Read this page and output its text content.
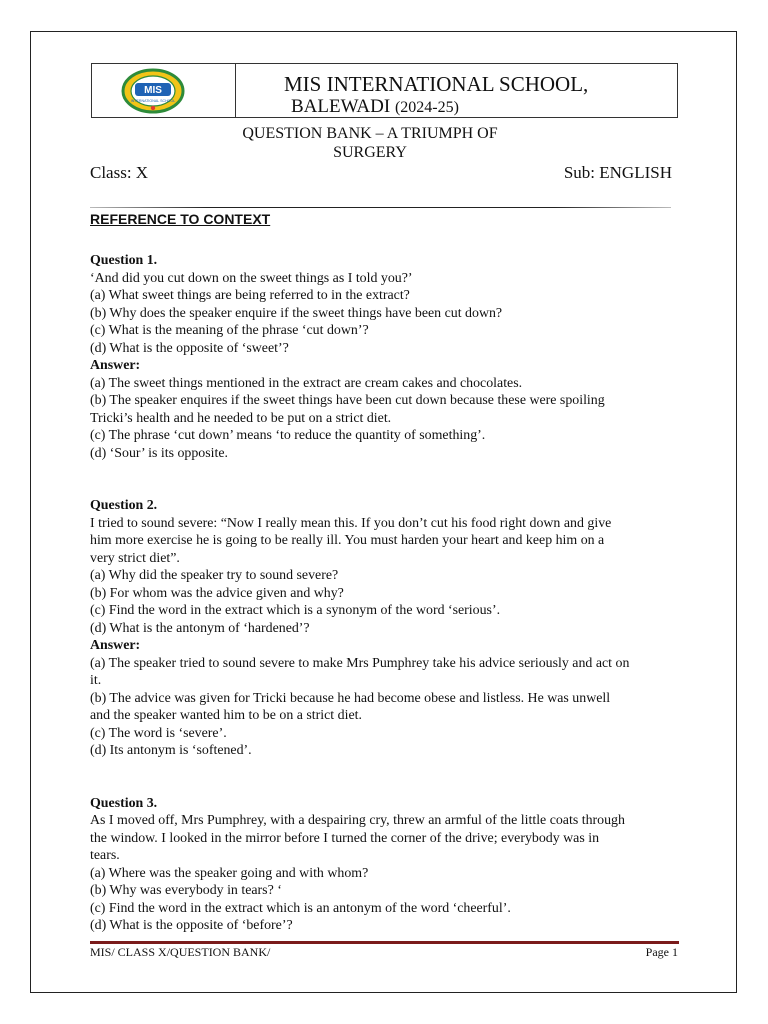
MIS
INTERNATIONAL SCHOOL
MIS INTERNATIONAL SCHOOL,
BALEWADI (2024-25)
QUESTION BANK – A TRIUMPH OF
SURGERY
Class: X	Sub: ENGLISH
REFERENCE TO CONTEXT

Question 1.

‘And did you cut down on the sweet things as I told you?’

(a) What sweet things are being referred to in the extract?

(b) Why does the speaker enquire if the sweet things have been cut down?

(c) What is the meaning of the phrase ‘cut down’?

(d) What is the opposite of ‘sweet’?

Answer:

(a) The sweet things mentioned in the extract are cream cakes and chocolates.

(b) The speaker enquires if the sweet things have been cut down because these were spoiling

Tricki’s health and he needed to be put on a strict diet.

(c) The phrase ‘cut down’ means ‘to reduce the quantity of something’.

(d) ‘Sour’ is its opposite.

Question 2.

I tried to sound severe: “Now I really mean this. If you don’t cut his food right down and give

him more exercise he is going to be really ill. You must harden your heart and keep him on a

very strict diet”.

(a) Why did the speaker try to sound severe?

(b) For whom was the advice given and why?

(c) Find the word in the extract which is a synonym of the word ‘serious’.

(d) What is the antonym of ‘hardened’?

Answer:

(a) The speaker tried to sound severe to make Mrs Pumphrey take his advice seriously and act on

it.

(b) The advice was given for Tricki because he had become obese and listless. He was unwell

and the speaker wanted him to be on a strict diet.

(c) The word is ‘severe’.

(d) Its antonym is ‘softened’.

Question 3.

As I moved off, Mrs Pumphrey, with a despairing cry, threw an armful of the little coats through

the window. I looked in the mirror before I turned the corner of the drive; everybody was in

tears.

(a) Where was the speaker going and with whom?

(b) Why was everybody in tears? ‘

(c) Find the word in the extract which is an antonym of the word ‘cheerful’.

(d) What is the opposite of ‘before’?

MIS/ CLASS X/QUESTION BANK/	Page 1
